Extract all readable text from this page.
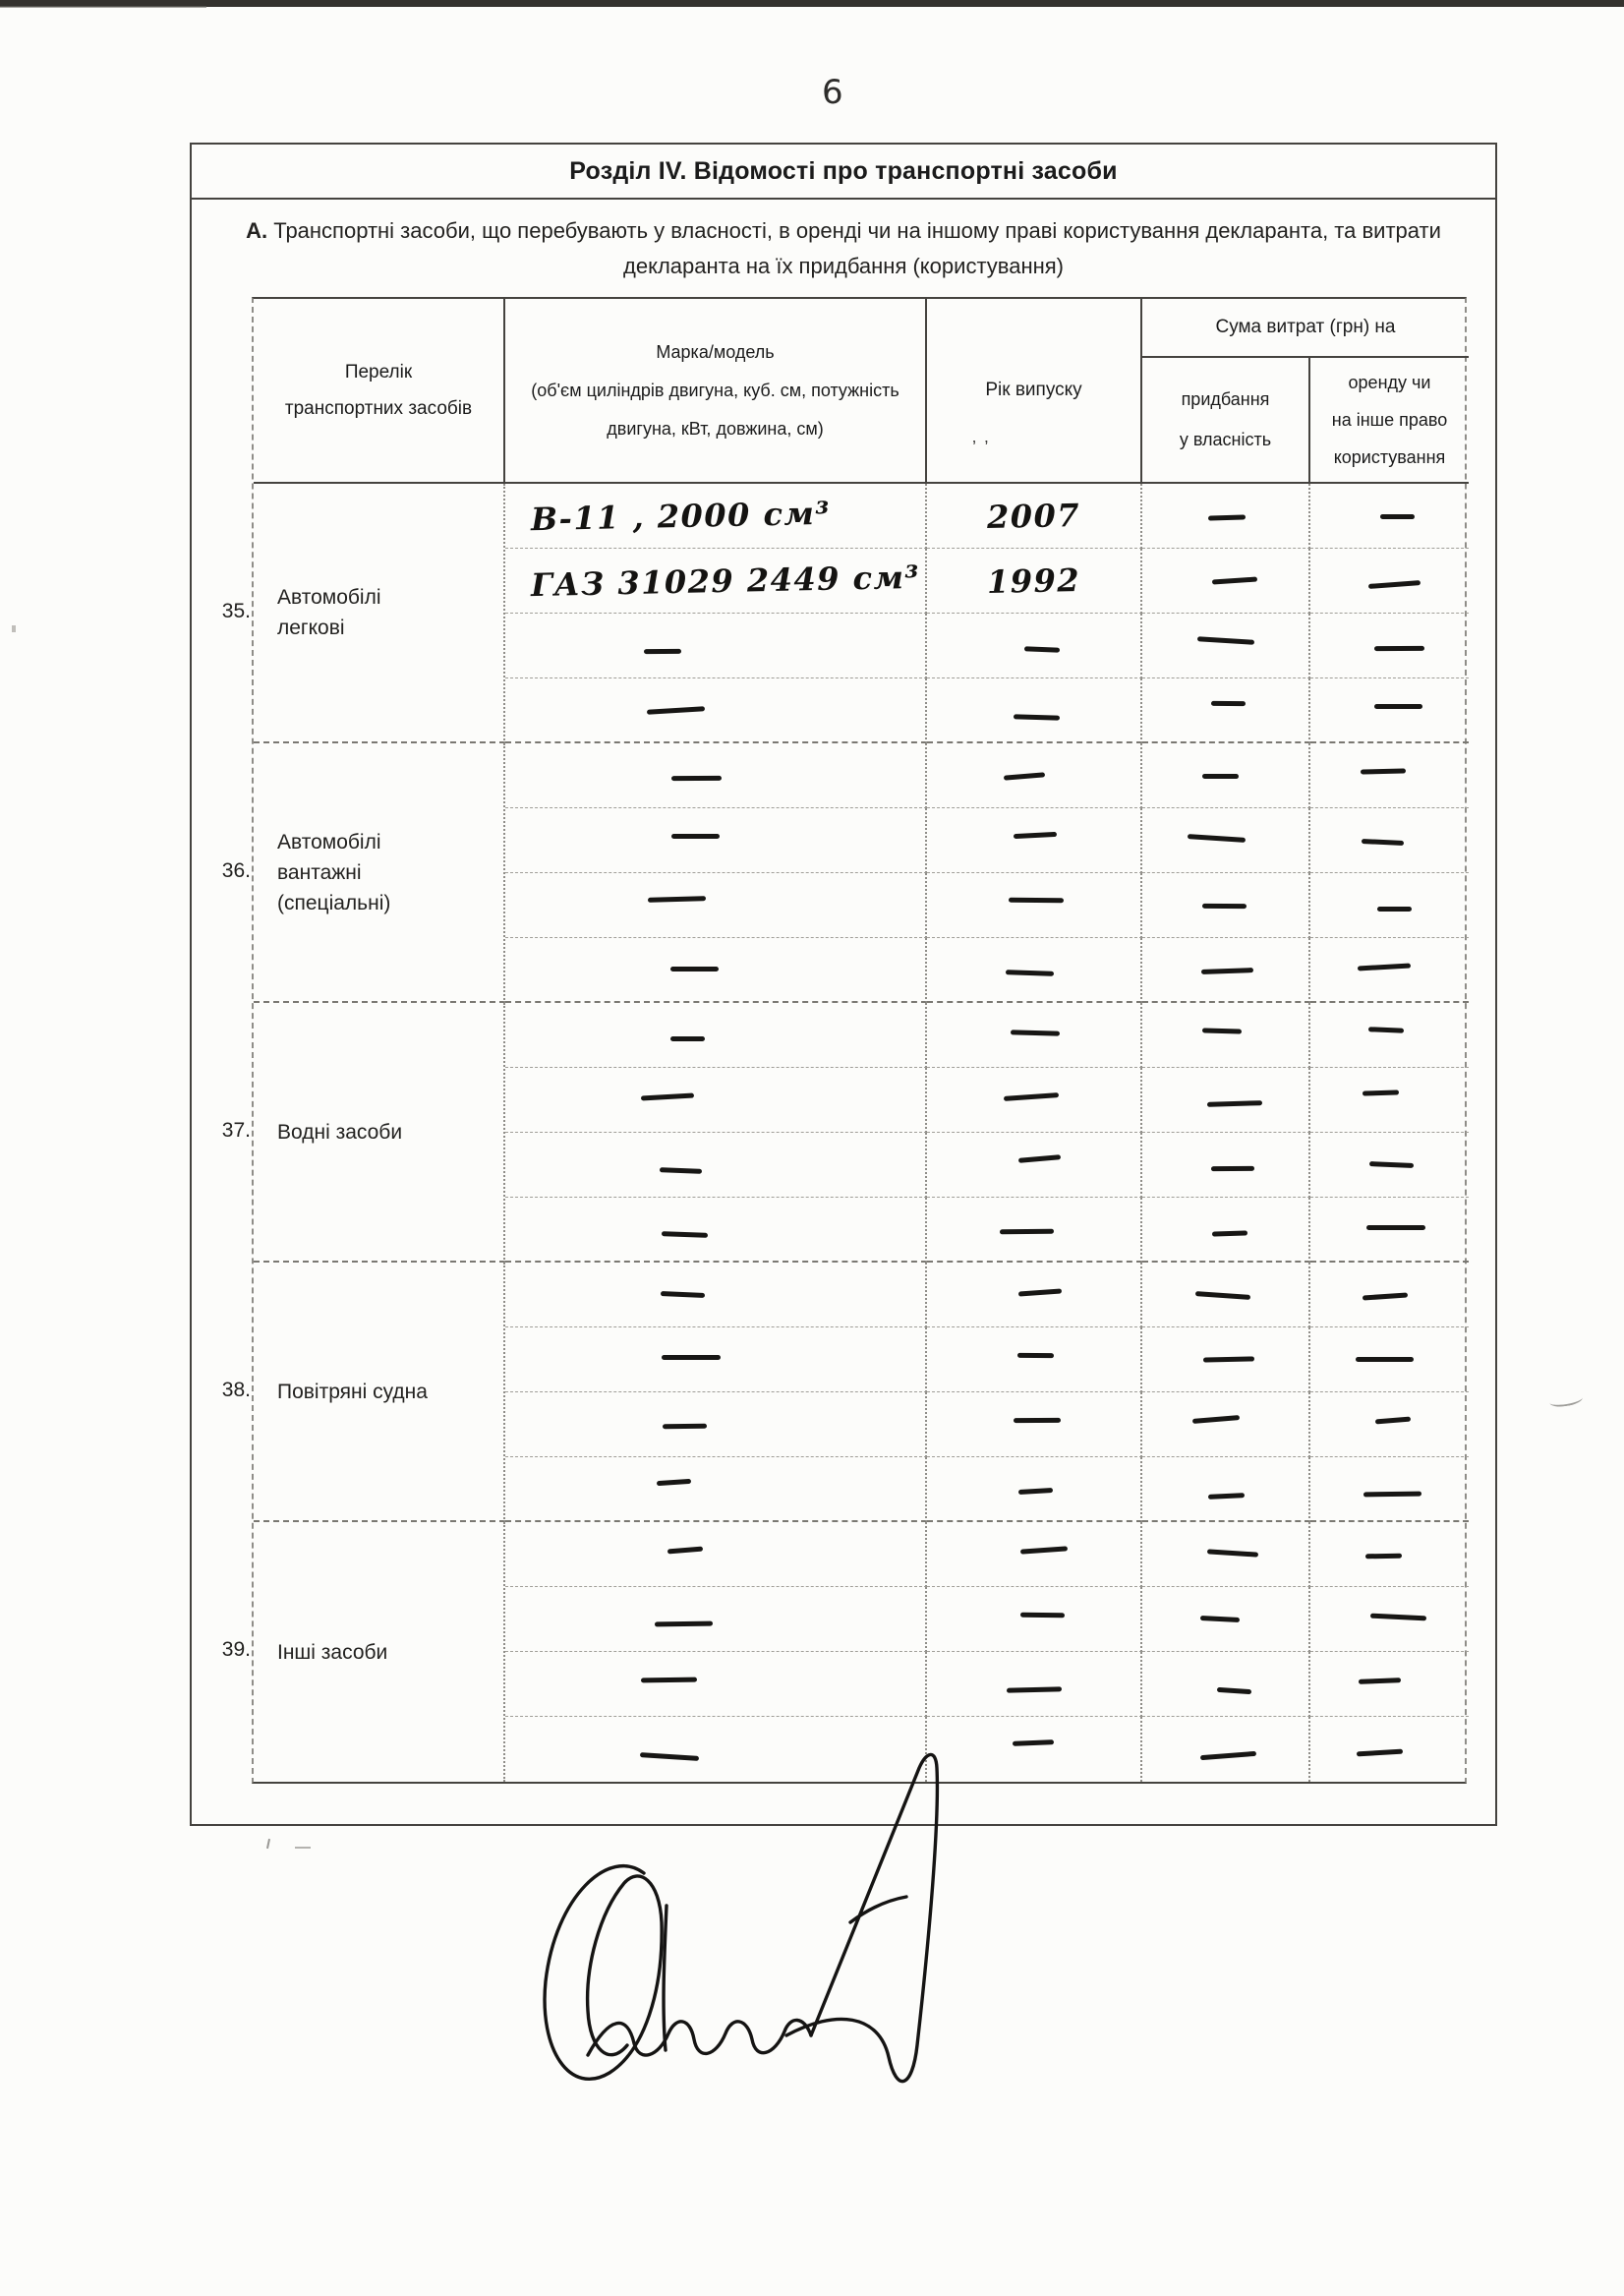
6
Розділ IV. Відомості про транспортні засоби
А. Транспортні засоби, що перебувають у власності, в оренді чи на іншому праві користування декларанта, та витрати декларанта на їх придбання (користування)
Перелік
транспортних засобів
Марка/модель
(об'єм циліндрів двигуна, куб. см, потужність
двигуна, кВт, довжина, см)
Рік випуску
’ ’
Сума витрат (грн) на
придбання
у власність
оренду чи
на інше право
користування
Автомобілі легкові
В-11 , 2000 см³	2007
ГАЗ 31029 2449 см³ 1992
Автомобілі вантажні (спеціальні)
Водні засоби
Повітряні судна
Інші засоби
35.
36.
37.
38.
39.
